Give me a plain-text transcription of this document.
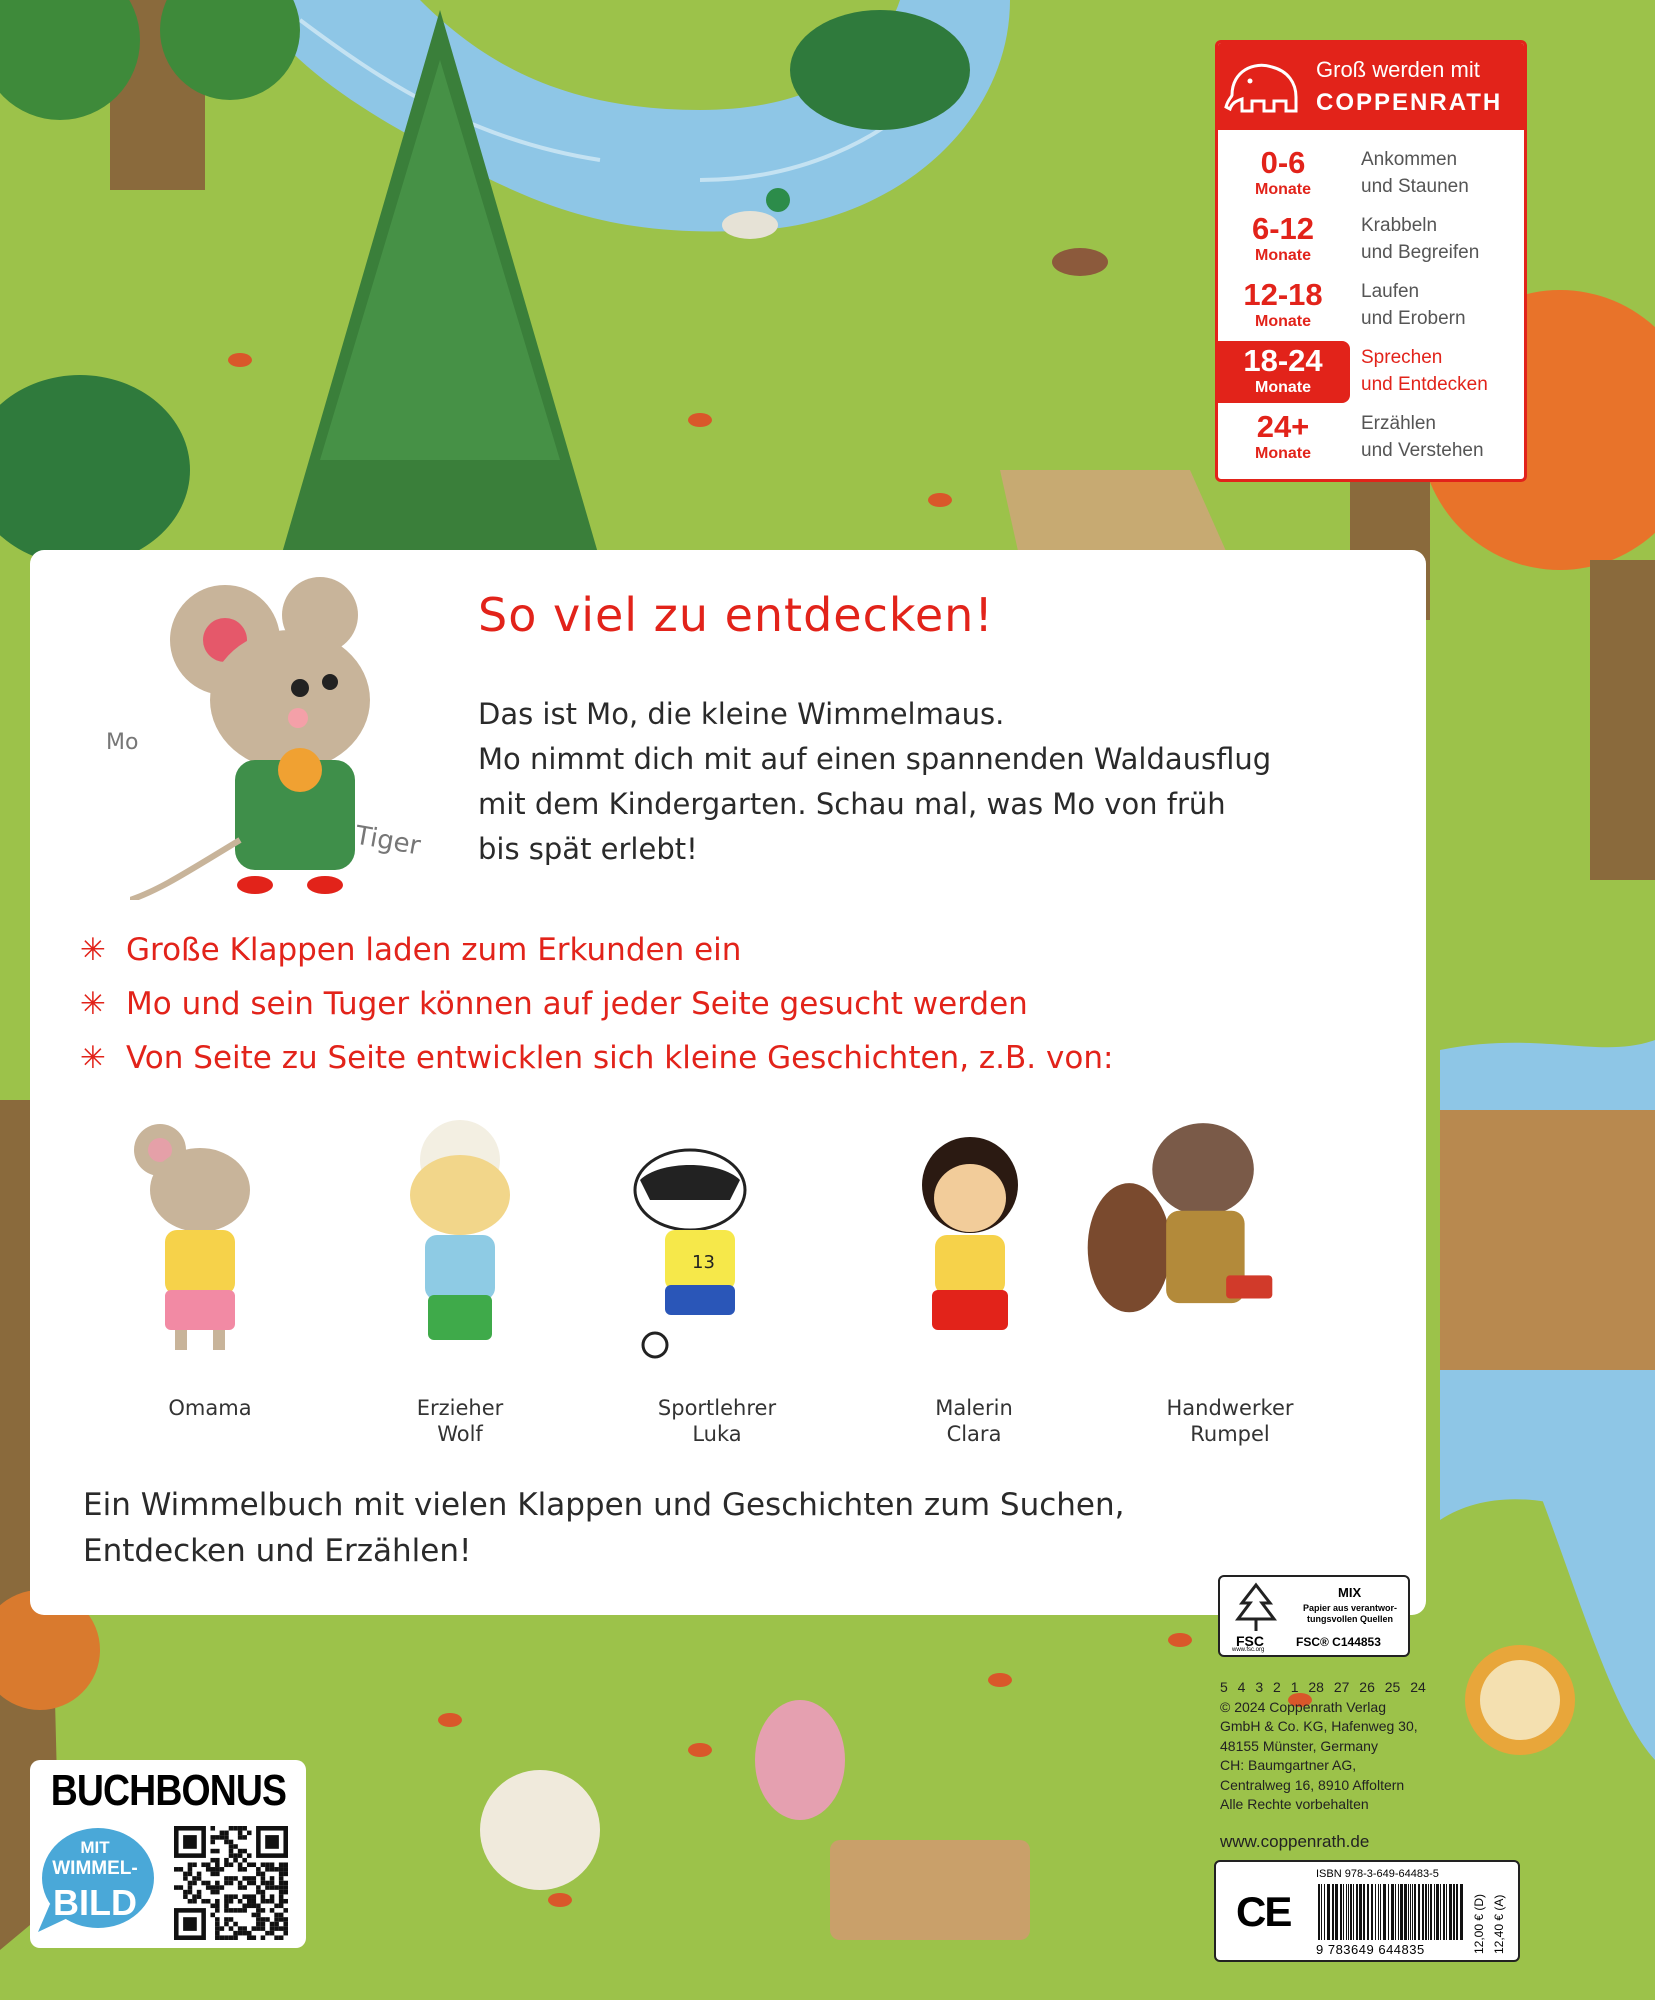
Groß werden mit
COPPENRATH
0-6
Monate
Ankommen
und Staunen
6-12
Monate
Krabbeln
und Begreifen
12-18
Monate
Laufen
und Erobern
18-24
Monate
Sprechen
und Entdecken
24+
Monate
Erzählen
und Verstehen
Mo
Tiger
So viel zu entdecken!
Das ist Mo, die kleine Wimmelmaus.
Mo nimmt dich mit auf einen spannenden Waldausflug
mit dem Kindergarten. Schau mal, was Mo von früh
bis spät erlebt!
✳ Große Klappen laden zum Erkunden ein
✳ Mo und sein Tuger können auf jeder Seite gesucht werden
✳ Von Seite zu Seite entwicklen sich kleine Geschichten, z.B. von:
13
Omama	Erzieher
Wolf
Sportlehrer
Luka
Malerin
Clara
Handwerker
Rumpel
Ein Wimmelbuch mit vielen Klappen und Geschichten zum Suchen,
Entdecken und Erzählen!
FSC
www.fsc.org
MIX
Papier aus verantwor-tungsvollen Quellen
FSC® C144853
5 4 3 2 1 28 27 26 25 24
© 2024 Coppenrath Verlag
GmbH & Co. KG, Hafenweg 30,
48155 Münster, Germany
CH: Baumgartner AG,
Centralweg 16, 8910 Affoltern
Alle Rechte vorbehalten
www.coppenrath.de
CE
ISBN 978-3-649-64483-5
9 783649 644835	12,00 € (D) 12,40 € (A)
BUCHBONUS
MIT
WIMMEL-
BILD
